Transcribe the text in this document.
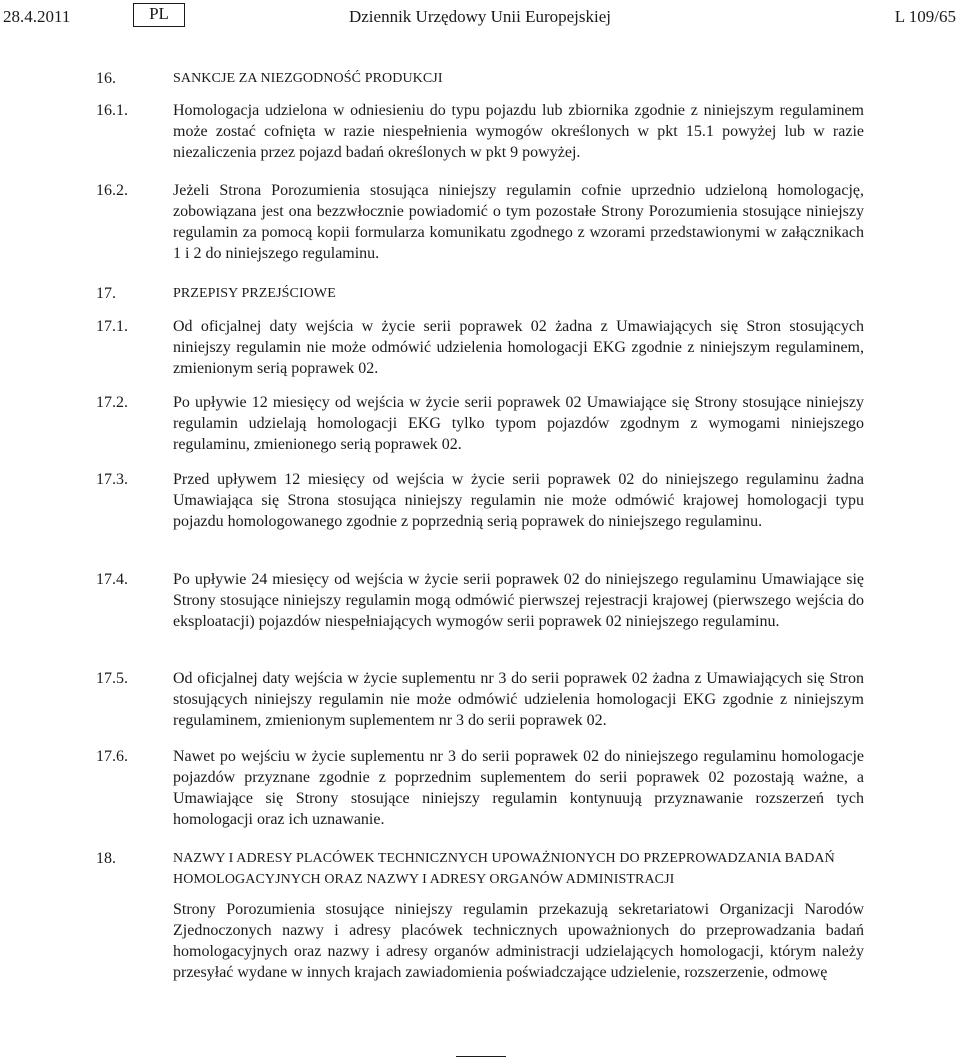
28.4.2011	PL	Dziennik Urzędowy Unii Europejskiej	L 109/65
16.	SANKCJE ZA NIEZGODNOŚĆ PRODUKCJI
16.1.	Homologacja udzielona w odniesieniu do typu pojazdu lub zbiornika zgodnie z niniejszym regulaminem może zostać cofnięta w razie niespełnienia wymogów określonych w pkt 15.1 powyżej lub w razie niezaliczenia przez pojazd badań określonych w pkt 9 powyżej.
16.2.	Jeżeli Strona Porozumienia stosująca niniejszy regulamin cofnie uprzednio udzieloną homologację, zobowiązana jest ona bezzwłocznie powiadomić o tym pozostałe Strony Porozumienia stosujące niniejszy regulamin za pomocą kopii formularza komunikatu zgodnego z wzorami przedstawionymi w załącznikach 1 i 2 do niniejszego regulaminu.
17.	PRZEPISY PRZEJŚCIOWE
17.1.	Od oficjalnej daty wejścia w życie serii poprawek 02 żadna z Umawiających się Stron stosujących niniejszy regulamin nie może odmówić udzielenia homologacji EKG zgodnie z niniejszym regulaminem, zmienionym serią poprawek 02.
17.2.	Po upływie 12 miesięcy od wejścia w życie serii poprawek 02 Umawiające się Strony stosujące niniejszy regulamin udzielają homologacji EKG tylko typom pojazdów zgodnym z wymogami niniejszego regulaminu, zmienionego serią poprawek 02.
17.3.	Przed upływem 12 miesięcy od wejścia w życie serii poprawek 02 do niniejszego regulaminu żadna Umawiająca się Strona stosująca niniejszy regulamin nie może odmówić krajowej homologacji typu pojazdu homologowanego zgodnie z poprzednią serią poprawek do niniejszego regulaminu.
17.4.	Po upływie 24 miesięcy od wejścia w życie serii poprawek 02 do niniejszego regulaminu Umawiające się Strony stosujące niniejszy regulamin mogą odmówić pierwszej rejestracji krajowej (pierwszego wejścia do eksploatacji) pojazdów niespełniających wymogów serii poprawek 02 niniejszego regulaminu.
17.5.	Od oficjalnej daty wejścia w życie suplementu nr 3 do serii poprawek 02 żadna z Umawiających się Stron stosujących niniejszy regulamin nie może odmówić udzielenia homologacji EKG zgodnie z niniejszym regulaminem, zmienionym suplementem nr 3 do serii poprawek 02.
17.6.	Nawet po wejściu w życie suplementu nr 3 do serii poprawek 02 do niniejszego regulaminu homologacje pojazdów przyznane zgodnie z poprzednim suplementem do serii poprawek 02 pozostają ważne, a Umawiające się Strony stosujące niniejszy regulamin kontynuują przyznawanie rozszerzeń tych homologacji oraz ich uznawanie.
18.	NAZWY I ADRESY PLACÓWEK TECHNICZNYCH UPOWAŻNIONYCH DO PRZEPROWADZANIA BADAŃ HOMOLOGACYJNYCH ORAZ NAZWY I ADRESY ORGANÓW ADMINISTRACJI
Strony Porozumienia stosujące niniejszy regulamin przekazują sekretariatowi Organizacji Narodów Zjednoczonych nazwy i adresy placówek technicznych upoważnionych do przeprowadzania badań homologacyjnych oraz nazwy i adresy organów administracji udzielających homologacji, którym należy przesyłać wydane w innych krajach zawiadomienia poświadczające udzielenie, rozszerzenie, odmowę
